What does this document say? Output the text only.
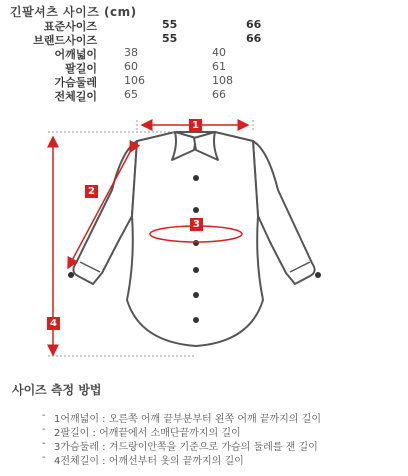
긴팔셔츠 사이즈 (cm)
표준사이즈	55	66
브랜드사이즈	55	66
어깨넓이 38	40
팔길이 60	61
가슴둘레 106	108
전체길이 65	66
1
2
3
4
사이즈 측정 방법
- 1어깨넓이 : 오른쪽 어깨 끝부분부터 왼쪽 어깨 끝까지의 길이
- 2팔길이 : 어깨끝에서 소매단끝까지의 길이
- 3가슴둘레 : 겨드랑이안쪽을 기준으로 가슴의 둘레를 잰 길이
- 4전체길이 : 어깨선부터 옷의 끝까지의 길이
